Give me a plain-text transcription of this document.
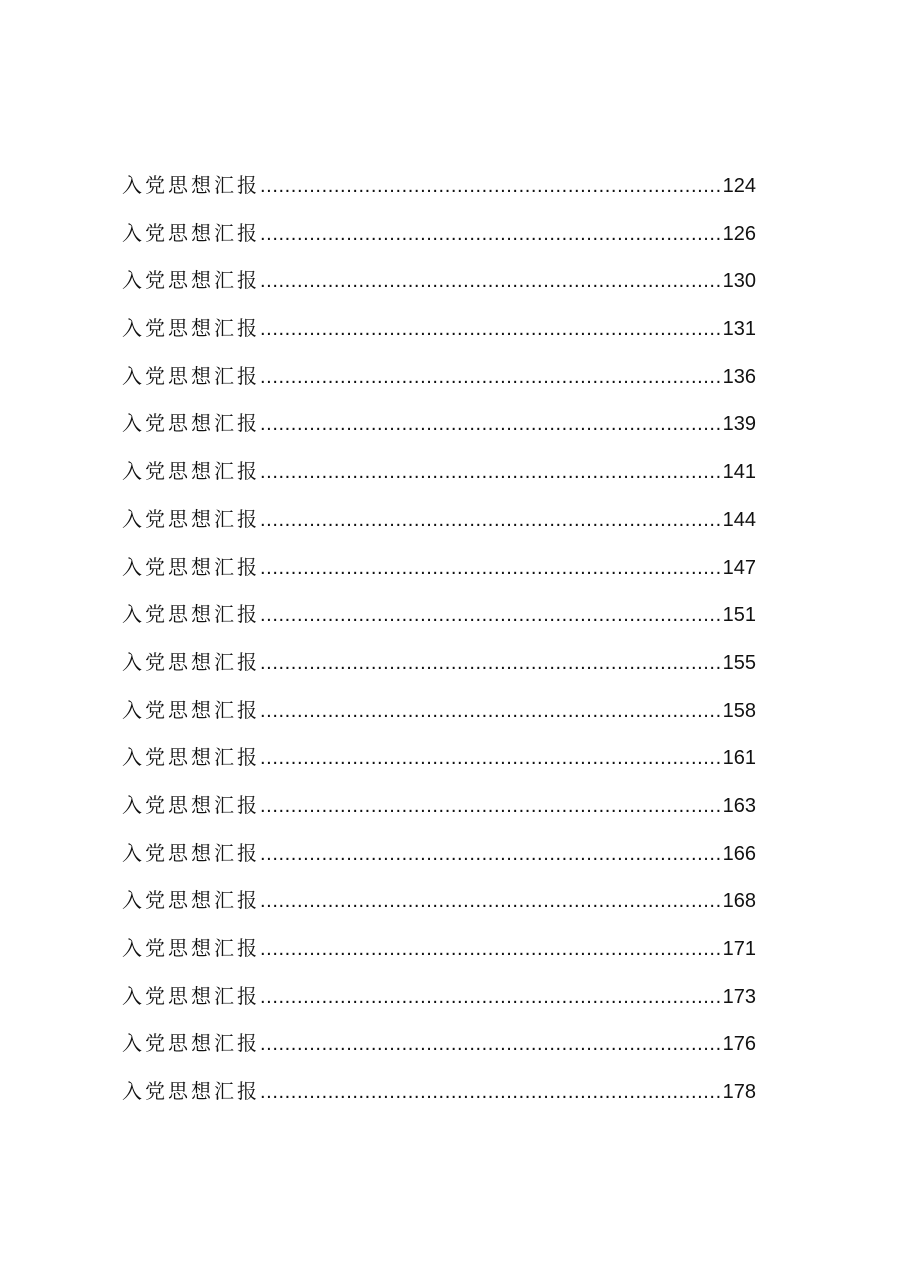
入党思想汇报 .....	124
入党思想汇报 .....	126
入党思想汇报 .....	130
入党思想汇报 .....	131
入党思想汇报 .....	136
入党思想汇报 .....	139
入党思想汇报 .....	141
入党思想汇报 .....	144
入党思想汇报 .....	147
入党思想汇报 .....	151
入党思想汇报 .....	155
入党思想汇报 .....	158
入党思想汇报 .....	161
入党思想汇报 .....	163
入党思想汇报 .....	166
入党思想汇报 .....	168
入党思想汇报 .....	171
入党思想汇报 .....	173
入党思想汇报 .....	176
入党思想汇报 .....	178
